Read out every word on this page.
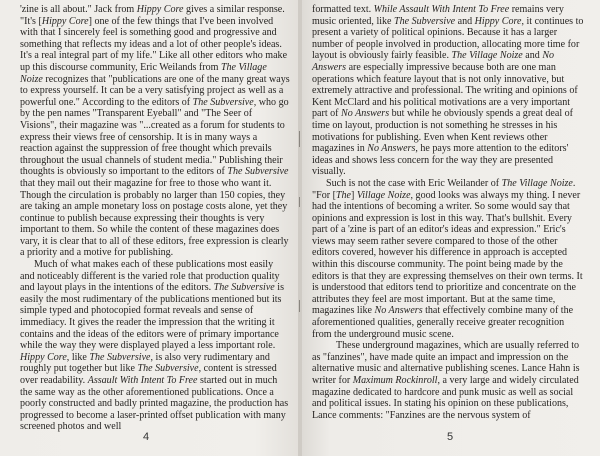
'zine is all about." Jack from Hippy Core gives a similar response. "It's [Hippy Core] one of the few things that I've been involved with that I sincerely feel is something good and progressive and something that reflects my ideas and a lot of other people's ideas. It's a real integral part of my life." Like all other editors who make up this discourse community, Eric Weilands from The Village Noize recognizes that "publications are one of the many great ways to express yourself. It can be a very satisfying project as well as a powerful one." According to the editors of The Subversive, who go by the pen names "Transparent Eyeball" and "The Seer of Visions", their magazine was "...created as a forum for students to express their views free of censorship. It is in many ways a reaction against the suppression of free thought which prevails throughout the usual channels of student media." Publishing their thoughts is obviously so important to the editors of The Subversive that they mail out their magazine for free to those who want it. Though the circulation is probably no larger than 150 copies, they are taking an ample monetary loss on postage costs alone, yet they continue to publish because expressing their thoughts is very important to them. So while the content of these magazines does vary, it is clear that to all of these editors, free expression is clearly a priority and a motive for publishing.

Much of what makes each of these publications most easily and noticeably different is the varied role that production quality and layout plays in the intentions of the editors. The Subversive is easily the most rudimentary of the publications mentioned but its simple typed and photocopied format reveals and sense of immediacy. It gives the reader the impression that the writing it contains and the ideas of the editors were of primary importance while the way they were displayed played a less important role. Hippy Core, like The Subversive, is also very rudimentary and roughly put together but like The Subversive, content is stressed over readability. Assault With Intent To Free started out in much the same way as the other aforementioned publications. Once a poorly constructed and badly printed magazine, the production has progressed to become a laser-printed offset publication with many screened photos and well

4

formatted text. While Assault With Intent To Free remains very music oriented, like The Subversive and Hippy Core, it continues to present a variety of political opinions. Because it has a larger number of people involved in production, allocating more time for layout is obviously fairly feasible. The Village Noize and No Answers are especially impressive because both are one man operations which feature layout that is not only innovative, but extremely attractive and professional. The writing and opinions of Kent McClard and his political motivations are a very important part of No Answers but while he obviously spends a great deal of time on layout, production is not something he stresses in his motivations for publishing. Even when Kent reviews other magazines in No Answers, he pays more attention to the editors' ideas and shows less concern for the way they are presented visually.

Such is not the case with Eric Weilander of The Village Noize. "For [The] Village Noize, good looks was always my thing. I never had the intentions of becoming a writer. So some would say that opinions and expression is lost in this way. That's bullshit. Every part of a 'zine is part of an editor's ideas and expression." Eric's views may seem rather severe compared to those of the other editors covered, however his difference in approach is accepted within this discourse community. The point being made by the editors is that they are expressing themselves on their own terms. It is understood that editors tend to prioritize and concentrate on the attributes they feel are most important. But at the same time, magazines like No Answers that effectively combine many of the aforementioned qualities, generally receive greater recognition from the underground music scene.

These underground magazines, which are usually referred to as "fanzines", have made quite an impact and impression on the alternative music and alternative publishing scenes. Lance Hahn is writer for Maximum Rockinroll, a very large and widely circulated magazine dedicated to hardcore and punk music as well as social and political issues. In stating his opinion on these publications, Lance comments: "Fanzines are the nervous system of

5
